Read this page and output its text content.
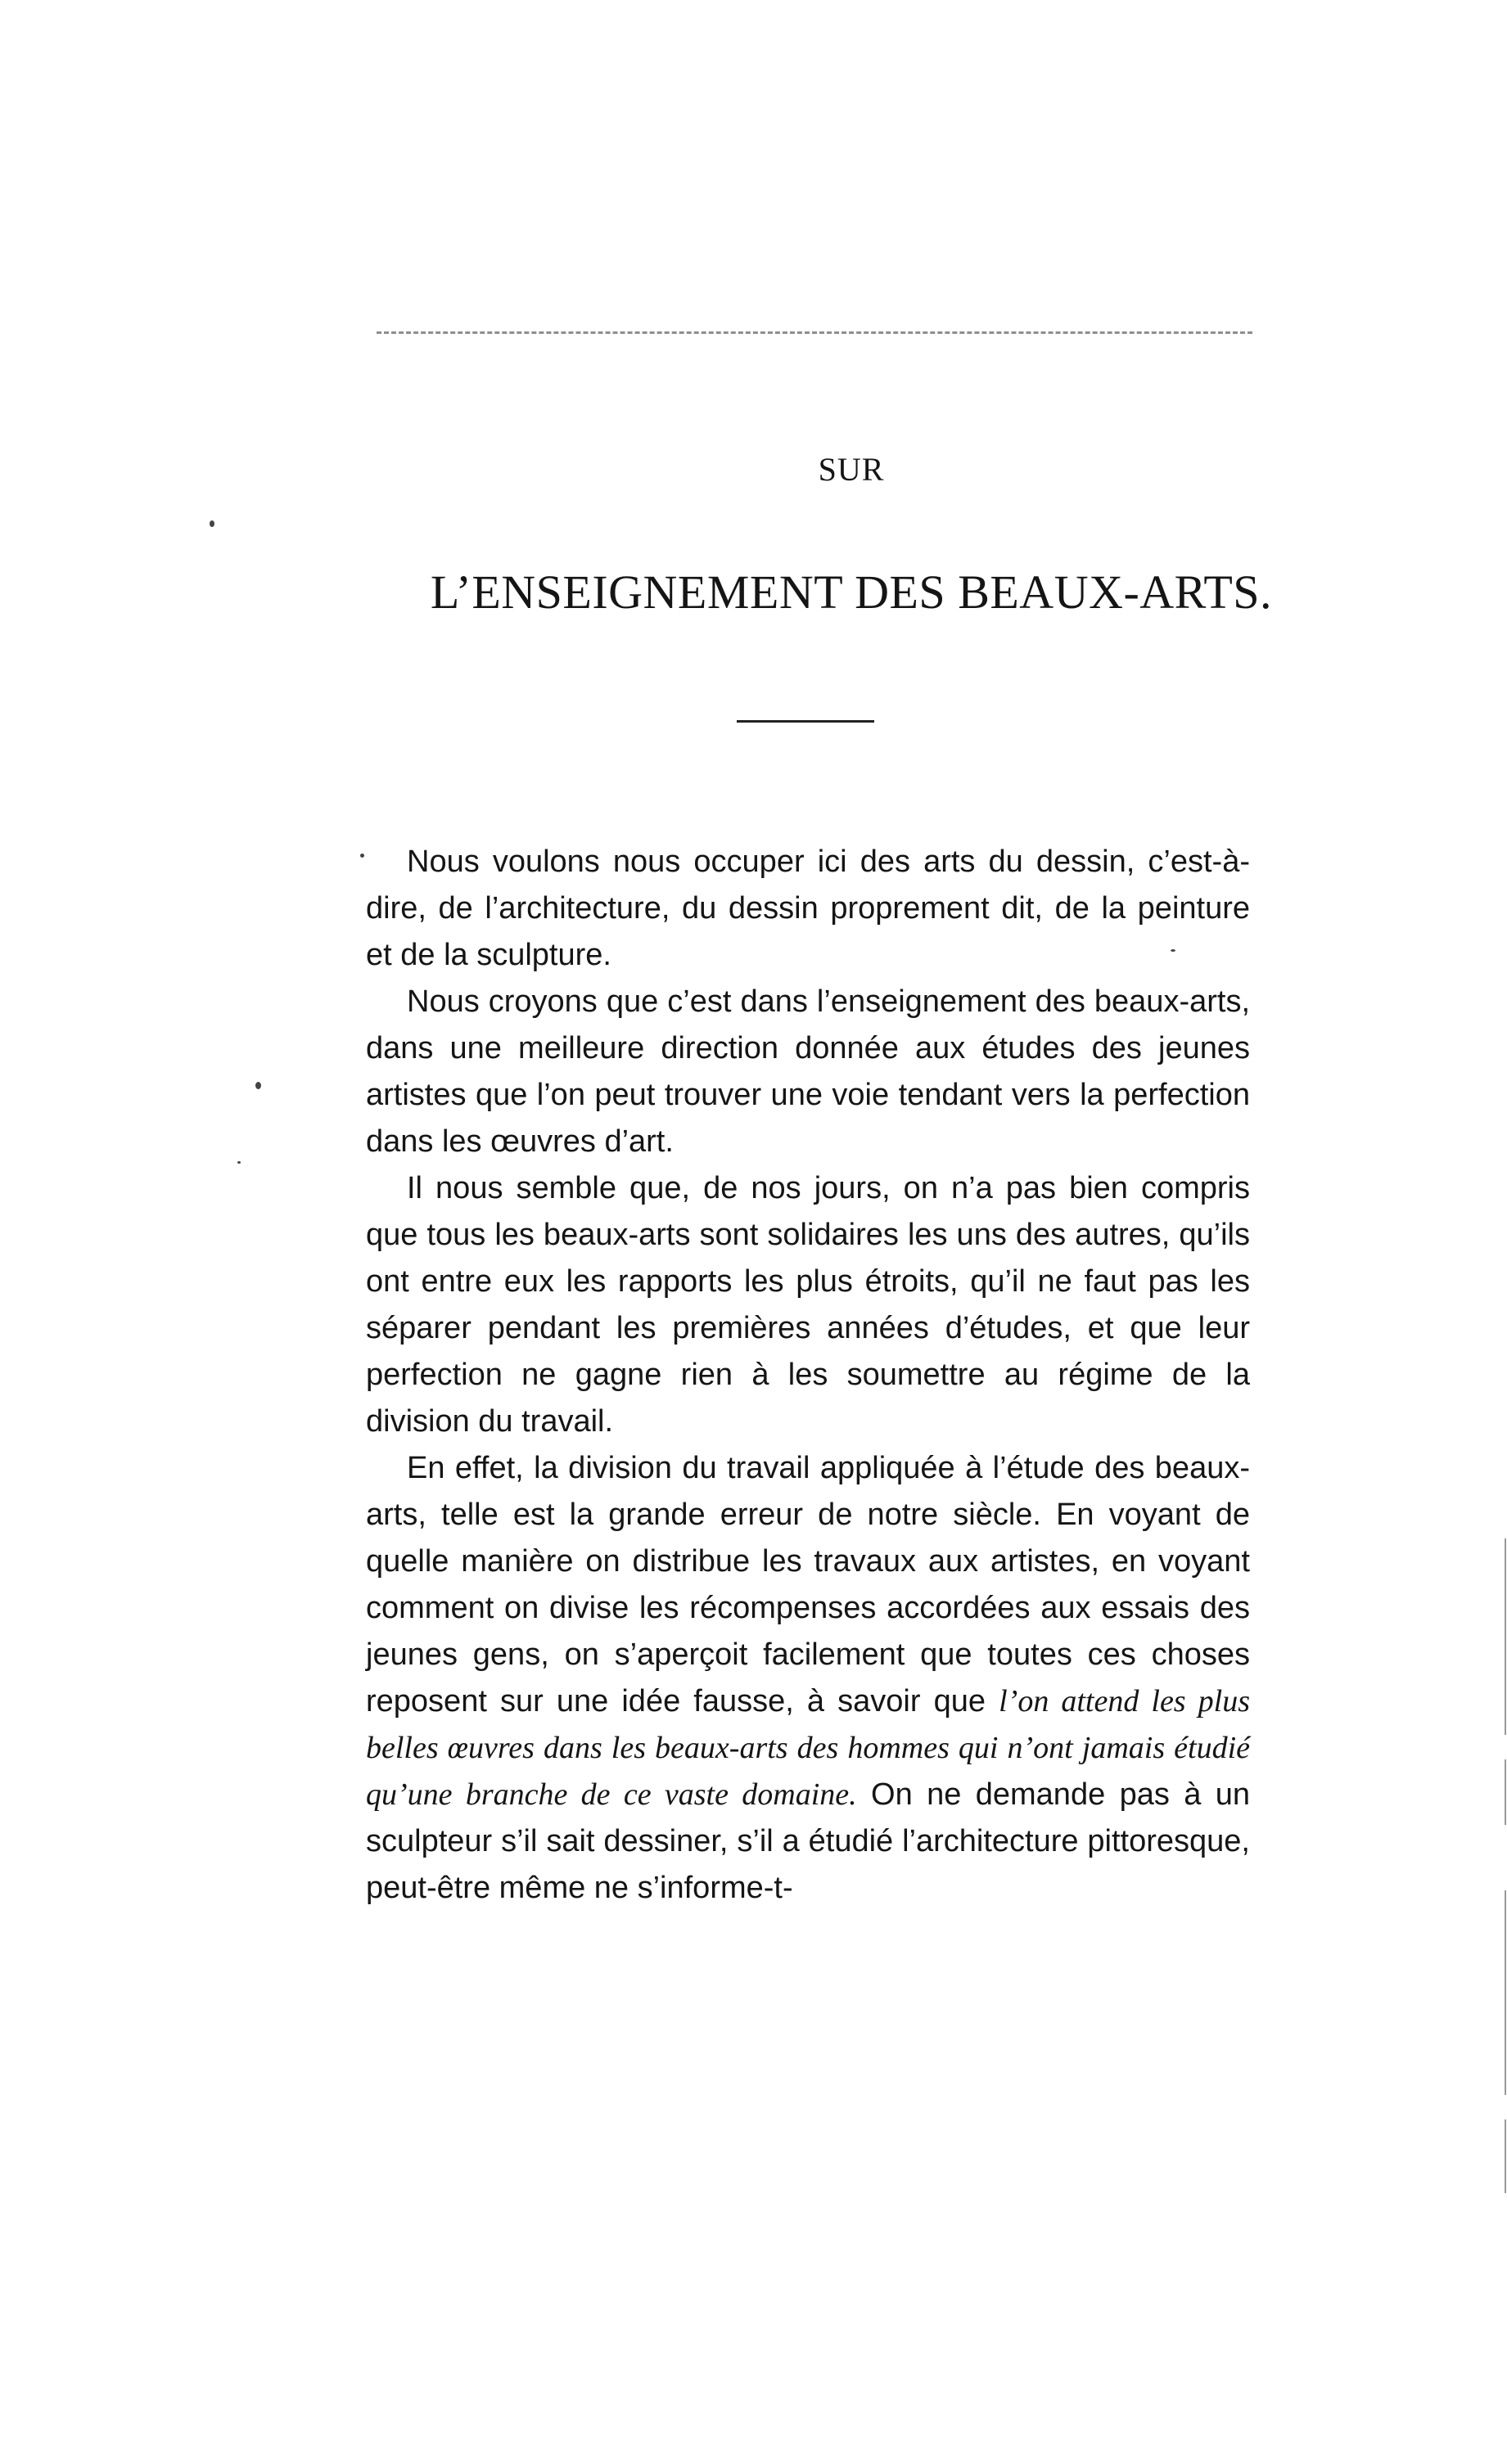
SUR
L’ENSEIGNEMENT DES BEAUX-ARTS.

Nous voulons nous occuper ici des arts du dessin, c’est-à-dire, de l’architecture, du dessin proprement dit, de la peinture et de la sculpture.

Nous croyons que c’est dans l’enseignement des beaux-arts, dans une meilleure direction donnée aux études des jeunes artistes que l’on peut trouver une voie tendant vers la perfection dans les œuvres d’art.

Il nous semble que, de nos jours, on n’a pas bien compris que tous les beaux-arts sont solidaires les uns des autres, qu’ils ont entre eux les rapports les plus étroits, qu’il ne faut pas les séparer pendant les premières années d’études, et que leur perfection ne gagne rien à les soumettre au régime de la division du travail.

En effet, la division du travail appliquée à l’étude des beaux-arts, telle est la grande erreur de notre siècle. En voyant de quelle manière on distribue les travaux aux artistes, en voyant comment on divise les récompenses accordées aux essais des jeunes gens, on s’aperçoit facilement que toutes ces choses reposent sur une idée fausse, à savoir que l’on attend les plus belles œuvres dans les beaux-arts des hommes qui n’ont jamais étudié qu’une branche de ce vaste domaine. On ne demande pas à un sculpteur s’il sait dessiner, s’il a étudié l’architecture pittoresque, peut-être même ne s’informe-t-
